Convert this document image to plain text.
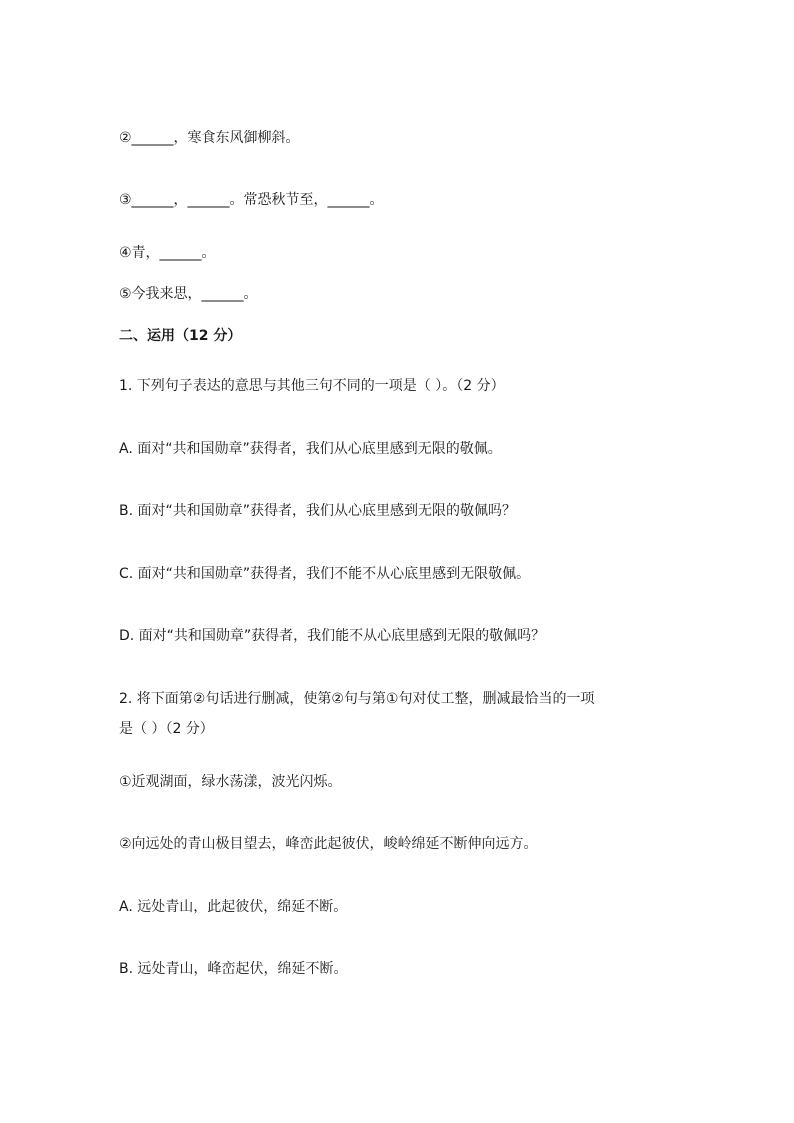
②______，寒食东风御柳斜。
③______，______。常恐秋节至，______。
④青，______。
⑤今我来思，______。
二、运用（12 分）
1. 下列句子表达的意思与其他三句不同的一项是（ ）。（2 分）
A. 面对“共和国勋章”获得者，我们从心底里感到无限的敬佩。
B. 面对“共和国勋章”获得者，我们从心底里感到无限的敬佩吗？
C. 面对“共和国勋章”获得者，我们不能不从心底里感到无限敬佩。
D. 面对“共和国勋章”获得者，我们能不从心底里感到无限的敬佩吗？
2. 将下面第②句话进行删减，使第②句与第①句对仗工整，删减最恰当的一项
是（ ）（2 分）
①近观湖面，绿水荡漾，波光闪烁。
②向远处的青山极目望去，峰峦此起彼伏，峻岭绵延不断伸向远方。
A. 远处青山，此起彼伏，绵延不断。
B. 远处青山，峰峦起伏，绵延不断。
